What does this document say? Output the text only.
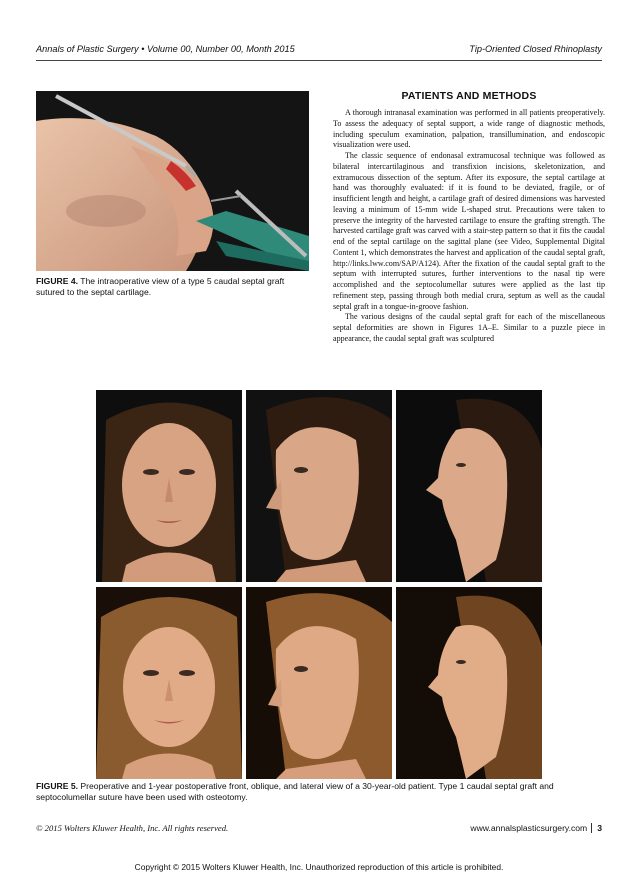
Annals of Plastic Surgery • Volume 00, Number 00, Month 2015	Tip-Oriented Closed Rhinoplasty
FIGURE 4. The intraoperative view of a type 5 caudal septal graft sutured to the septal cartilage.
PATIENTS AND METHODS

A thorough intranasal examination was performed in all patients preoperatively. To assess the adequacy of septal support, a wide range of diagnostic methods, including speculum examination, palpation, transillumination, and endoscopic visualization were used.

The classic sequence of endonasal extramucosal technique was followed as bilateral intercartilaginous and transfixion incisions, skeletonization, and extramucous dissection of the septum. After its exposure, the septal cartilage at hand was thoroughly evaluated: if it is found to be deviated, fragile, or of insufficient length and height, a cartilage graft of desired dimensions was harvested leaving a minimum of 15-mm wide L-shaped strut. Precautions were taken to preserve the integrity of the harvested cartilage to ensure the grafting strength. The harvested cartilage graft was carved with a stair-step pattern so that it fits the caudal end of the septal cartilage on the sagittal plane (see Video, Supplemental Digital Content 1, which demonstrates the harvest and application of the caudal septal graft, http://links.lww.com/SAP/A124). After the fixation of the caudal septal graft to the septum with interrupted sutures, further interventions to the nasal tip were accomplished and the septocolumellar sutures were applied as the last tip refinement step, passing through both medial crura, septum as well as the caudal septal graft in a tongue-in-groove fashion.

The various designs of the caudal septal graft for each of the miscellaneous septal deformities are shown in Figures 1A–E. Similar to a puzzle piece in appearance, the caudal septal graft was sculptured

FIGURE 5. Preoperative and 1-year postoperative front, oblique, and lateral view of a 30-year-old patient. Type 1 caudal septal graft and septocolumellar suture have been used with osteotomy.
© 2015 Wolters Kluwer Health, Inc. All rights reserved.	www.annalsplasticsurgery.com 3
Copyright © 2015 Wolters Kluwer Health, Inc. Unauthorized reproduction of this article is prohibited.
